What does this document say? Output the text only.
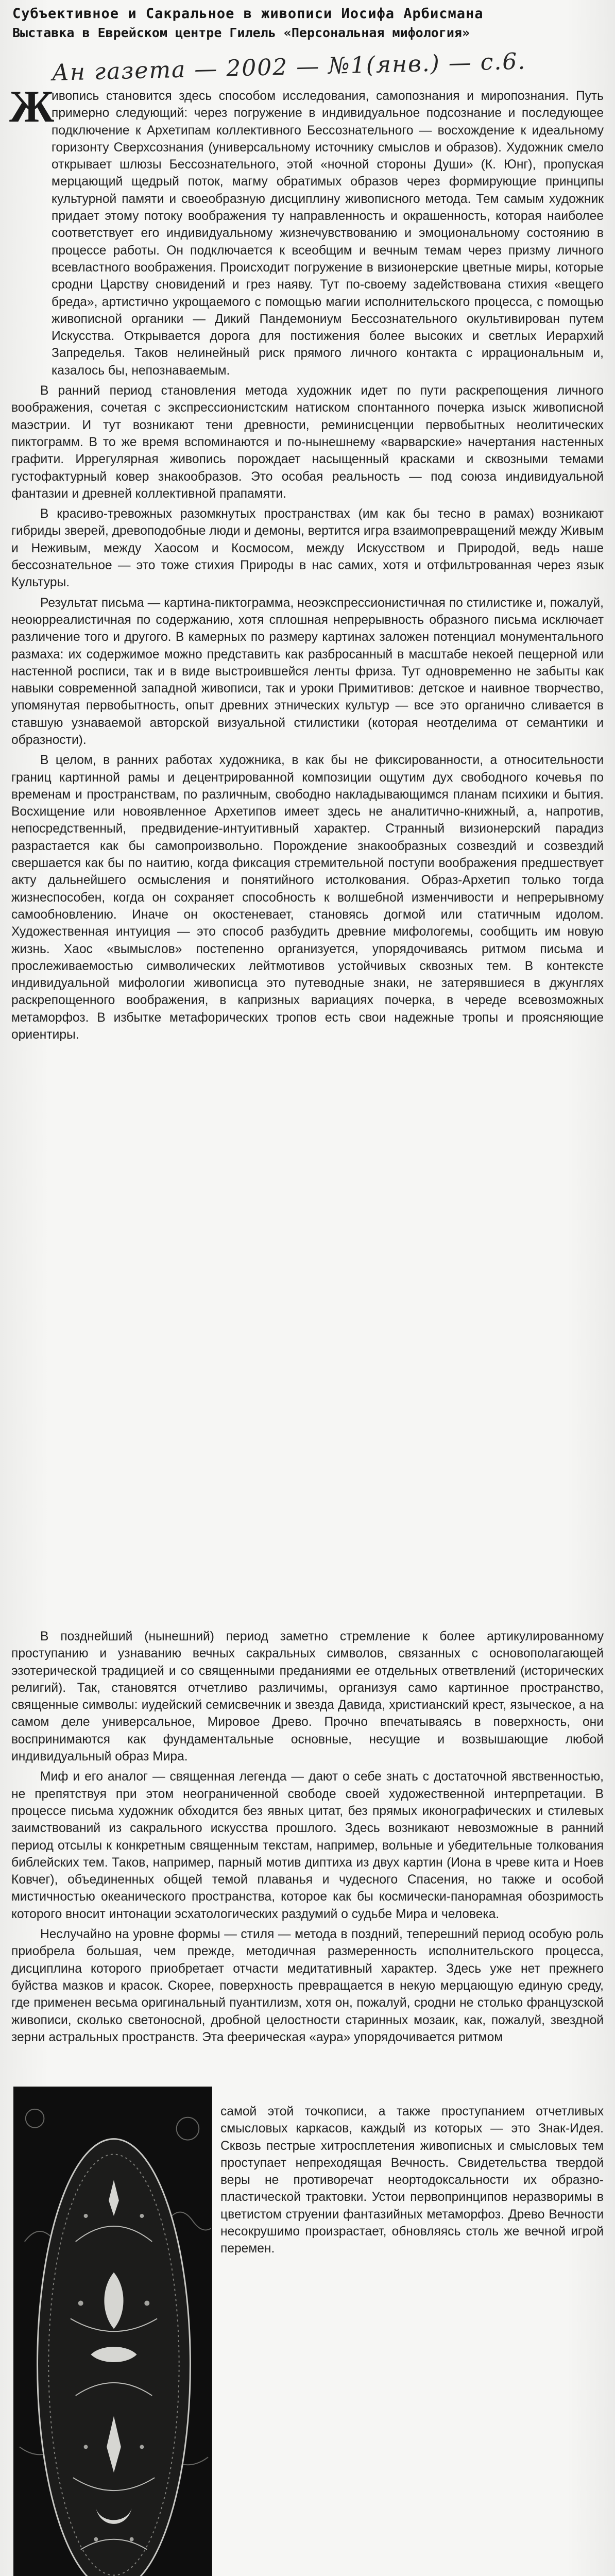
Субъективное и Сакральное в живописи Иосифа Арбисмана
Выставка в Еврейском центре Гилель «Персональная мифология»
Ан газета — 2002 — №1(янв.) — с.6.
Ж

ивопись становится здесь способом исследования, самопознания и миропознания. Путь примерно следующий: через погружение в индивидуальное подсознание и последующее подключение к Архетипам коллективного Бессознательного — восхождение к идеальному горизонту Сверхсознания (универсальному источнику смыслов и образов). Художник смело открывает шлюзы Бессознательного, этой «ночной стороны Души» (К. Юнг), пропуская мерцающий щедрый поток, магму обратимых образов через формирующие принципы культурной памяти и своеобразную дисциплину живописного метода. Тем самым художник придает этому потоку воображения ту направленность и окрашенность, которая наиболее соответствует его индивидуальному жизнечувствованию и эмоциональному состоянию в процессе работы. Он подключается к всеобщим и вечным темам через призму личного всевластного воображения. Происходит погружение в визионерские цветные миры, которые сродни Царству сновидений и грез наяву. Тут по-своему задействована стихия «вещего бреда», артистично укрощаемого с помощью магии исполнительского процесса, с помощью живописной органики — Дикий Пандемониум Бессознательного окультивирован путем Искусства. Открывается дорога для постижения более высоких и светлых Иерархий Запределья. Таков нелинейный риск прямого личного контакта с иррациональным и, казалось бы, непознаваемым.

В ранний период становления метода художник идет по пути раскрепощения личного воображения, сочетая с экспрессионистским натиском спонтанного почерка изыск живописной маэстрии. И тут возникают тени древности, реминисценции первобытных неолитических пиктограмм. В то же время вспоминаются и по-нынешнему «варварские» начертания настенных графити. Иррегулярная живопись порождает насыщенный красками и сквозными темами густофактурный ковер знакообразов. Это особая реальность — под союза индивидуальной фантазии и древней коллективной прапамяти.

В красиво-тревожных разомкнутых пространствах (им как бы тесно в рамах) возникают гибриды зверей, древоподобные люди и демоны, вертится игра взаимопревращений между Живым и Неживым, между Хаосом и Космосом, между Искусством и Природой, ведь наше бессознательное — это тоже стихия Природы в нас самих, хотя и отфильтрованная через язык Культуры.

Результат письма — картина-пиктограмма, неоэкспрессионистичная по стилистике и, пожалуй, неоюрреалистичная по содержанию, хотя сплошная непрерывность образного письма исключает различение того и другого. В камерных по размеру картинах заложен потенциал монументального размаха: их содержимое можно представить как разбросанный в масштабе некоей пещерной или настенной росписи, так и в виде выстроившейся ленты фриза. Тут одновременно не забыты как навыки современной западной живописи, так и уроки Примитивов: детское и наивное творчество, упомянутая первобытность, опыт древних этнических культур — все это органично сливается в ставшую узнаваемой авторской визуальной стилистики (которая неотделима от семантики и образности).

В целом, в ранних работах художника, в как бы не фиксированности, а относительности границ картинной рамы и децентрированной композиции ощутим дух свободного кочевья по временам и пространствам, по различным, свободно накладывающимся планам психики и бытия. Восхищение или новоявленное Архетипов имеет здесь не аналитично-книжный, а, напротив, непосредственный, предвидение-интуитивный характер. Странный визионерский парадиз разрастается как бы самопроизвольно. Порождение знакообразных созвездий и созвездий свершается как бы по наитию, когда фиксация стремительной поступи воображения предшествует акту дальнейшего осмысления и понятийного истолкования. Образ-Архетип только тогда жизнеспособен, когда он сохраняет способность к волшебной изменчивости и непрерывному самообновлению. Иначе он окостеневает, становясь догмой или статичным идолом. Художественная интуиция — это способ разбудить древние мифологемы, сообщить им новую жизнь. Хаос «вымыслов» постепенно организуется, упорядочиваясь ритмом письма и прослеживаемостью символических лейтмотивов устойчивых сквозных тем. В контексте индивидуальной мифологии живописца это путеводные знаки, не затерявшиеся в джунглях раскрепощенного воображения, в капризных вариациях почерка, в череде всевозможных метаморфоз. В избытке метафорических тропов есть свои надежные тропы и проясняющие ориентиры.

В позднейший (нынешний) период заметно стремление к более артикулированному проступанию и узнаванию вечных сакральных символов, связанных с основополагающей эзотерической традицией и со священными преданиями ее отдельных ответвлений (исторических религий). Так, становятся отчетливо различимы, организуя само картинное пространство, священные символы: иудейский семисвечник и звезда Давида, христианский крест, языческое, а на самом деле универсальное, Мировое Древо. Прочно впечатываясь в поверхность, они воспринимаются как фундаментальные основные, несущие и возвышающие любой индивидуальный образ Мира.

Миф и его аналог — священная легенда — дают о себе знать с достаточной явственностью, не препятствуя при этом неограниченной свободе своей художественной интерпретации. В процессе письма художник обходится без явных цитат, без прямых иконографических и стилевых заимствований из сакрального искусства прошлого. Здесь возникают невозможные в ранний период отсылы к конкретным священным текстам, например, вольные и убедительные толкования библейских тем. Таков, например, парный мотив диптиха из двух картин (Иона в чреве кита и Ноев Ковчег), объединенных общей темой плаванья и чудесного Спасения, но также и особой мистичностью океанического пространства, которое как бы космически-панорамная обозримость которого вносит интонации эсхатологических раздумий о судьбе Мира и человека.

Неслучайно на уровне формы — стиля — метода в поздний, теперешний период особую роль приобрела большая, чем прежде, методичная размеренность исполнительского процесса, дисциплина которого приобретает отчасти медитативный характер. Здесь уже нет прежнего буйства мазков и красок. Скорее, поверхность превращается в некую мерцающую единую среду, где применен весьма оригинальный пуантилизм, хотя он, пожалуй, сродни не столько французской живописи, сколько светоносной, дробной целостности старинных мозаик, как, пожалуй, звездной зерни астральных пространств. Эта феерическая «аура» упорядочивается ритмом

самой этой точкописи, а также проступанием отчетливых смысловых каркасов, каждый из которых — это Знак-Идея. Сквозь пестрые хитросплетения живописных и смысловых тем проступает непреходящая Вечность. Свидетельства твердой веры не противоречат неортодоксальности их образно-пластической трактовки. Устои первопринципов неразворимы в цветистом струении фантазийных метаморфоз. Древо Вечности несокрушимо произрастает, обновляясь столь же вечной игрой перемен.
